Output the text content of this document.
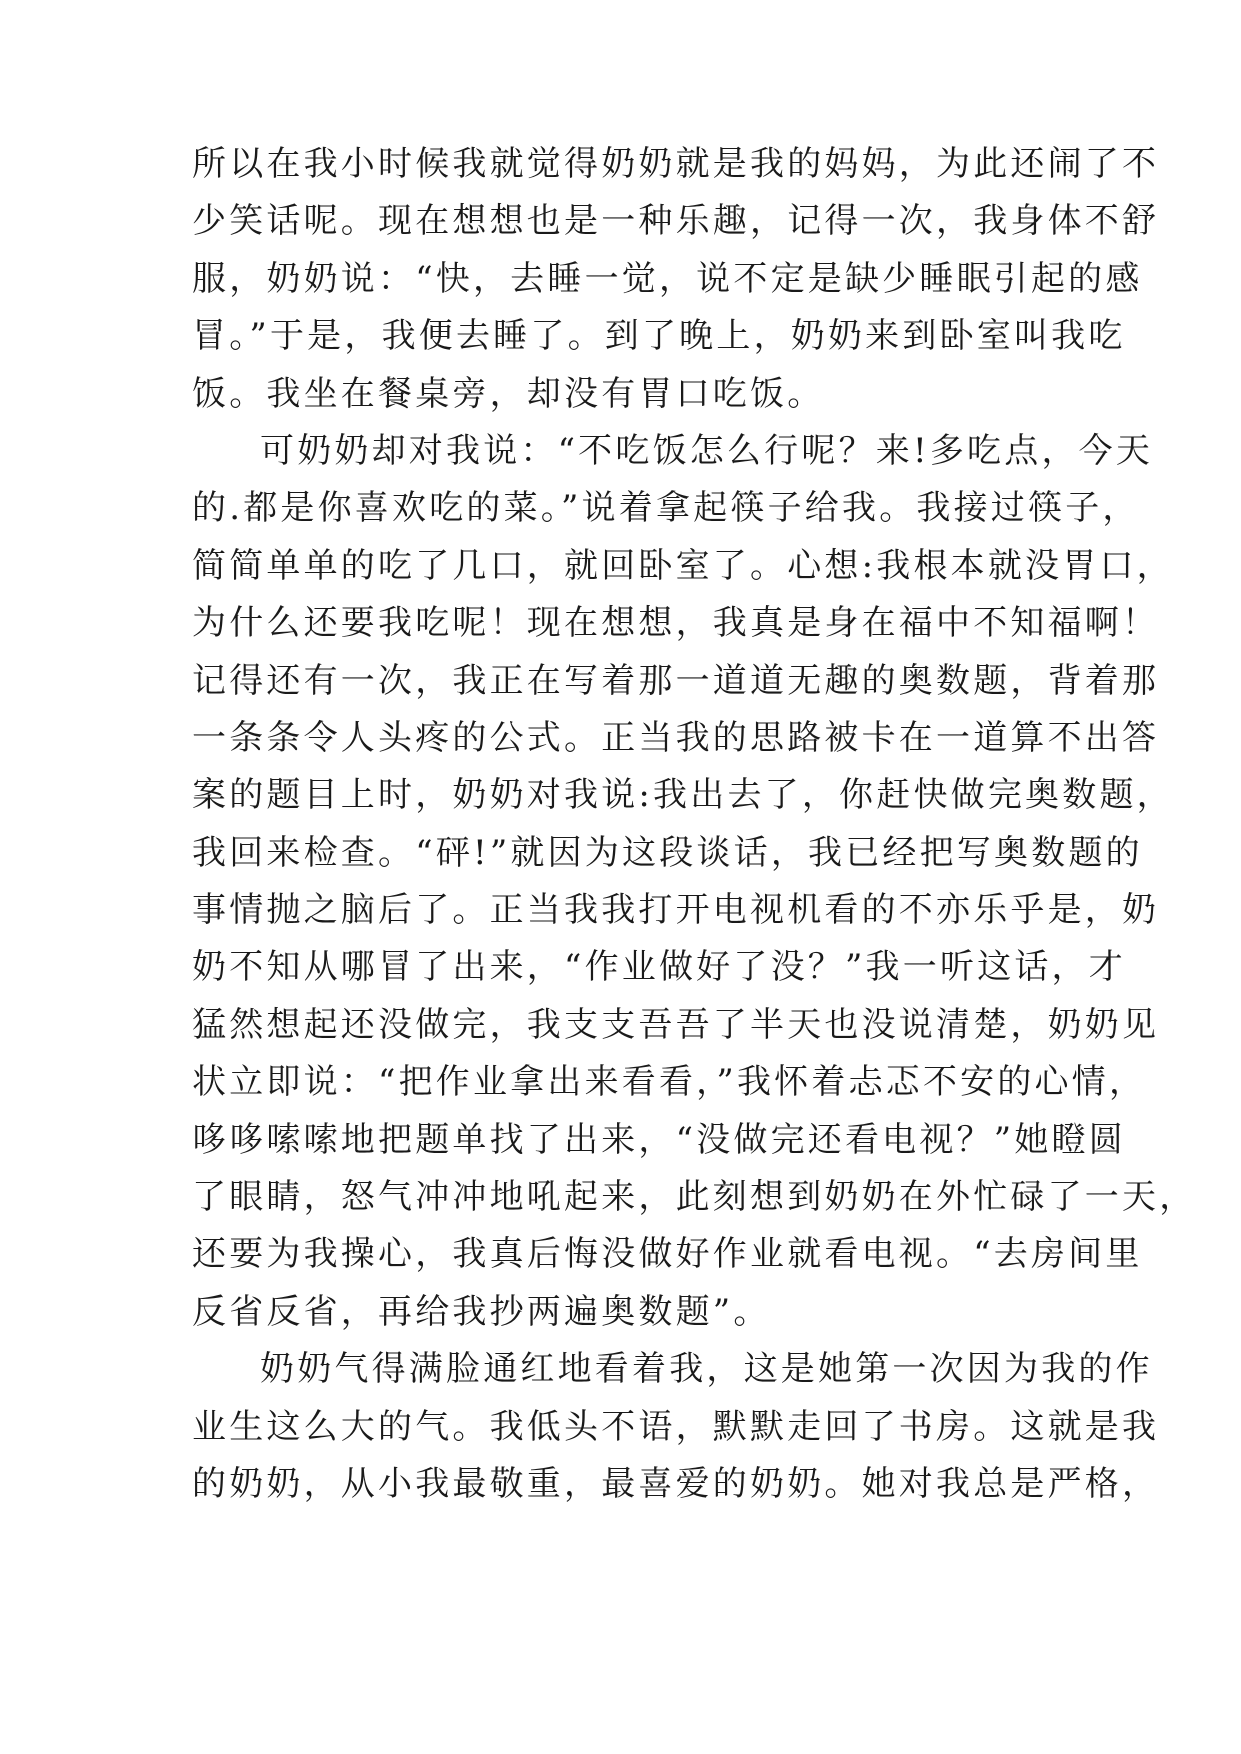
所以在我小时候我就觉得奶奶就是我的妈妈，为此还闹了不
少笑话呢。现在想想也是一种乐趣，记得一次，我身体不舒
服，奶奶说：“快，去睡一觉，说不定是缺少睡眠引起的感
冒。”于是，我便去睡了。到了晚上，奶奶来到卧室叫我吃
饭。我坐在餐桌旁，却没有胃口吃饭。
可奶奶却对我说：“不吃饭怎么行呢？来!多吃点，今天
的.都是你喜欢吃的菜。”说着拿起筷子给我。我接过筷子，
简简单单的吃了几口，就回卧室了。心想:我根本就没胃口，
为什么还要我吃呢！现在想想，我真是身在福中不知福啊！
记得还有一次，我正在写着那一道道无趣的奥数题，背着那
一条条令人头疼的公式。正当我的思路被卡在一道算不出答
案的题目上时，奶奶对我说:我出去了，你赶快做完奥数题，
我回来检查。“砰!”就因为这段谈话，我已经把写奥数题的
事情抛之脑后了。正当我我打开电视机看的不亦乐乎是，奶
奶不知从哪冒了出来，“作业做好了没？”我一听这话，才
猛然想起还没做完，我支支吾吾了半天也没说清楚，奶奶见
状立即说：“把作业拿出来看看，”我怀着忐忑不安的心情，
哆哆嗦嗦地把题单找了出来，“没做完还看电视？”她瞪圆
了眼睛，怒气冲冲地吼起来，此刻想到奶奶在外忙碌了一天，
还要为我操心，我真后悔没做好作业就看电视。“去房间里
反省反省，再给我抄两遍奥数题”。
奶奶气得满脸通红地看着我，这是她第一次因为我的作
业生这么大的气。我低头不语，默默走回了书房。这就是我
的奶奶，从小我最敬重，最喜爱的奶奶。她对我总是严格，
